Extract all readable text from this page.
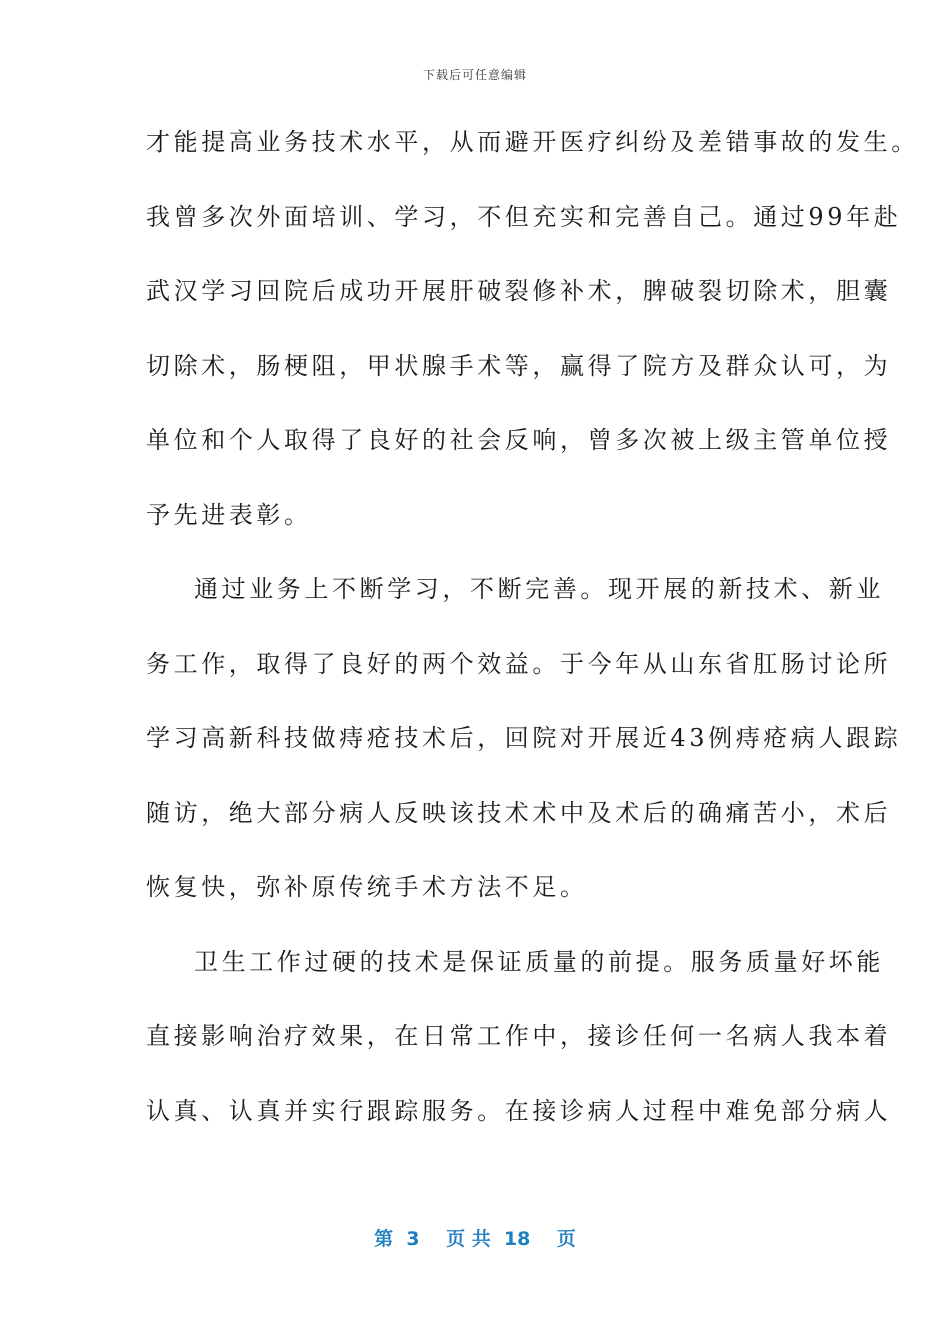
下载后可任意编辑
才能提高业务技术水平，从而避开医疗纠纷及差错事故的发生。
我曾多次外面培训、学习，不但充实和完善自己。通过99年赴
武汉学习回院后成功开展肝破裂修补术，脾破裂切除术，胆囊
切除术，肠梗阻，甲状腺手术等，赢得了院方及群众认可，为
单位和个人取得了良好的社会反响，曾多次被上级主管单位授
予先进表彰。
通过业务上不断学习，不断完善。现开展的新技术、新业
务工作，取得了良好的两个效益。于今年从山东省肛肠讨论所
学习高新科技做痔疮技术后，回院对开展近43例痔疮病人跟踪
随访，绝大部分病人反映该技术术中及术后的确痛苦小，术后
恢复快，弥补原传统手术方法不足。
卫生工作过硬的技术是保证质量的前提。服务质量好坏能
直接影响治疗效果，在日常工作中，接诊任何一名病人我本着
认真、认真并实行跟踪服务。在接诊病人过程中难免部分病人
第  3    页 共  18    页
